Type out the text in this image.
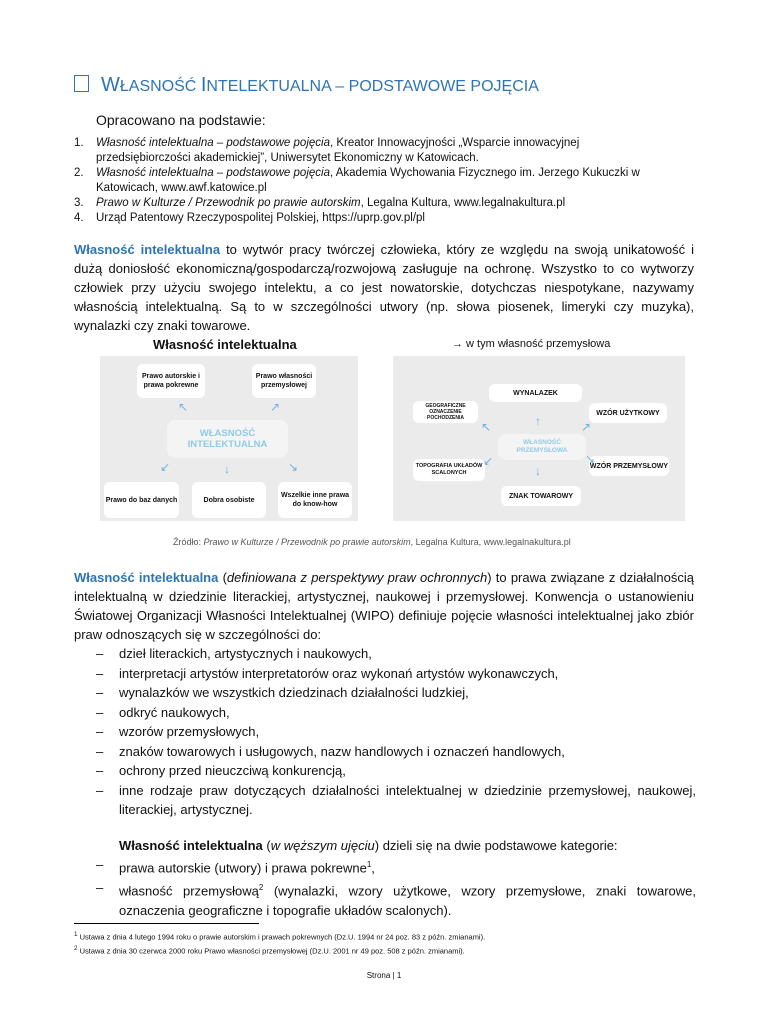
WŁASNOŚĆ INTELEKTUALNA – PODSTAWOWE POJĘCIA
Opracowano na podstawie:
1.	Własność intelektualna – podstawowe pojęcia, Kreator Innowacyjności „Wsparcie innowacyjnej przedsiębiorczości akademickiej”, Uniwersytet Ekonomiczny w Katowicach.
2.	Własność intelektualna – podstawowe pojęcia, Akademia Wychowania Fizycznego im. Jerzego Kukuczki w Katowicach, www.awf.katowice.pl
3.	Prawo w Kulturze / Przewodnik po prawie autorskim, Legalna Kultura, www.legalnakultura.pl
4.	Urząd Patentowy Rzeczypospolitej Polskiej, https://uprp.gov.pl/pl
Własność intelektualna to wytwór pracy twórczej człowieka, który ze względu na swoją unikatowość i dużą doniosłość ekonomiczną/gospodarczą/rozwojową zasługuje na ochronę. Wszystko to co wytworzy człowiek przy użyciu swojego intelektu, a co jest nowatorskie, dotychczas niespotykane, nazywamy własnością intelektualną. Są to w szczególności utwory (np. słowa piosenek, limeryki czy muzyka), wynalazki czy znaki towarowe.
Własność intelektualna	→ w tym własność przemysłowa
Prawo autorskie i prawa pokrewne
Prawo własności przemysłowej
WŁASNOŚĆ INTELEKTUALNA
Prawo do baz danych	Dobra osobiste
Wszelkie inne prawa do know-how
↖	↗
↙	↓	↘
WYNALAZEK
GEOGRAFICZNE OZNACZENIE POCHODZENIA
WZÓR UŻYTKOWY
WŁASNOŚĆ PRZEMYSŁOWA
TOPOGRAFIA UKŁADÓW SCALONYCH
WZÓR PRZEMYSŁOWY
ZNAK TOWAROWY
↑
↖	↗
↙	↘
↓
Źródło: Prawo w Kulturze / Przewodnik po prawie autorskim, Legalna Kultura, www.legalnakultura.pl
Własność intelektualna (definiowana z perspektywy praw ochronnych) to prawa związane z działalnością intelektualną w dziedzinie literackiej, artystycznej, naukowej i przemysłowej. Konwencja o ustanowieniu Światowej Organizacji Własności Intelektualnej (WIPO) definiuje pojęcie własności intelektualnej jako zbiór praw odnoszących się w szczególności do:
–	dzieł literackich, artystycznych i naukowych,
–	interpretacji artystów interpretatorów oraz wykonań artystów wykonawczych,
–	wynalazków we wszystkich dziedzinach działalności ludzkiej,
–	odkryć naukowych,
–	wzorów przemysłowych,
–	znaków towarowych i usługowych, nazw handlowych i oznaczeń handlowych,
–	ochrony przed nieuczciwą konkurencją,
–	inne rodzaje praw dotyczących działalności intelektualnej w dziedzinie przemysłowej, naukowej, literackiej, artystycznej.
Własność intelektualna (w węższym ujęciu) dzieli się na dwie podstawowe kategorie:
–	prawa autorskie (utwory) i prawa pokrewne$^1$,
–	własność przemysłową$^2$ (wynalazki, wzory użytkowe, wzory przemysłowe, znaki towarowe, oznaczenia geograficzne i topografie układów scalonych).
$^1$ Ustawa z dnia 4 lutego 1994 roku o prawie autorskim i prawach pokrewnych (Dz.U. 1994 nr 24 poz. 83 z późn. zmianami).
$^2$ Ustawa z dnia 30 czerwca 2000 roku Prawo własności przemysłowej (Dz.U. 2001 nr 49 poz. 508 z późn. zmianami).
Strona | 1
